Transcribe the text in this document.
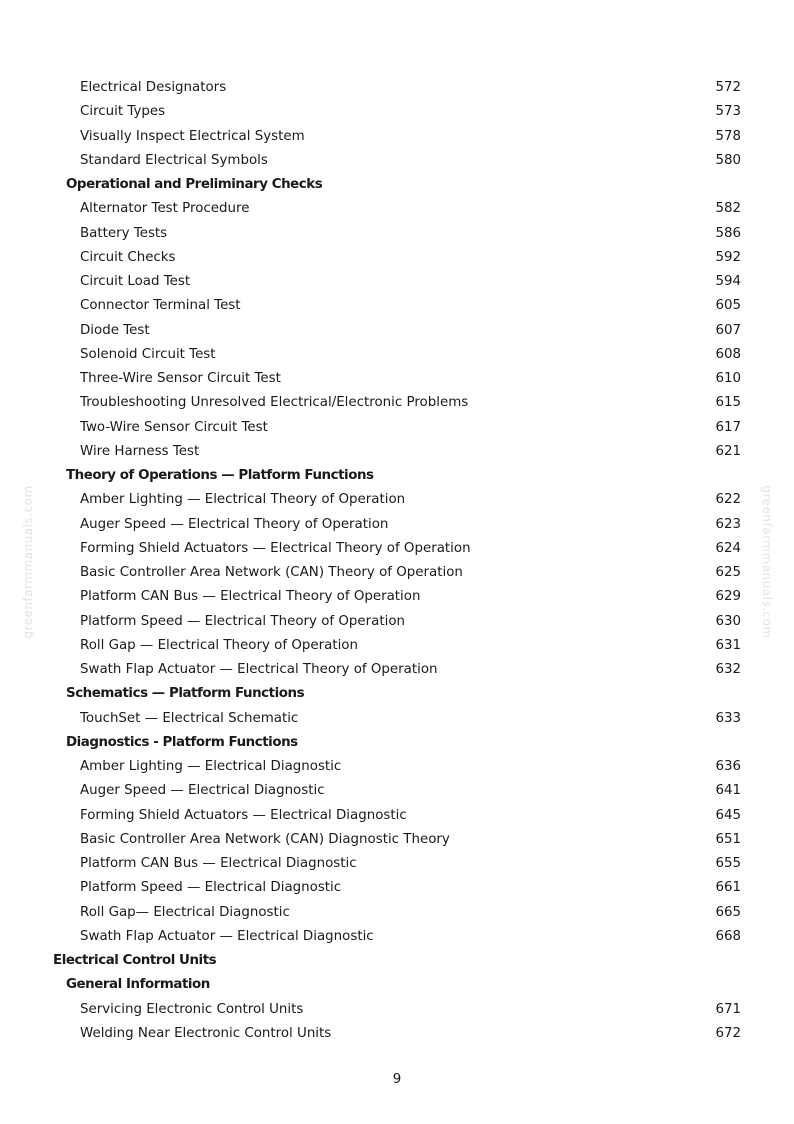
greenfarmmanuals.com	greenfarmmanuals.com
Electrical Designators	572
Circuit Types	573
Visually Inspect Electrical System	578
Standard Electrical Symbols	580
Operational and Preliminary Checks
Alternator Test Procedure	582
Battery Tests	586
Circuit Checks	592
Circuit Load Test	594
Connector Terminal Test	605
Diode Test	607
Solenoid Circuit Test	608
Three-Wire Sensor Circuit Test	610
Troubleshooting Unresolved Electrical/Electronic Problems	615
Two-Wire Sensor Circuit Test	617
Wire Harness Test	621
Theory of Operations — Platform Functions
Amber Lighting — Electrical Theory of Operation	622
Auger Speed — Electrical Theory of Operation	623
Forming Shield Actuators — Electrical Theory of Operation	624
Basic Controller Area Network (CAN) Theory of Operation	625
Platform CAN Bus — Electrical Theory of Operation	629
Platform Speed — Electrical Theory of Operation	630
Roll Gap — Electrical Theory of Operation	631
Swath Flap Actuator — Electrical Theory of Operation	632
Schematics — Platform Functions
TouchSet — Electrical Schematic	633
Diagnostics - Platform Functions
Amber Lighting — Electrical Diagnostic	636
Auger Speed — Electrical Diagnostic	641
Forming Shield Actuators — Electrical Diagnostic	645
Basic Controller Area Network (CAN) Diagnostic Theory	651
Platform CAN Bus — Electrical Diagnostic	655
Platform Speed — Electrical Diagnostic	661
Roll Gap— Electrical Diagnostic	665
Swath Flap Actuator — Electrical Diagnostic	668
Electrical Control Units
General Information
Servicing Electronic Control Units	671
Welding Near Electronic Control Units	672
9
